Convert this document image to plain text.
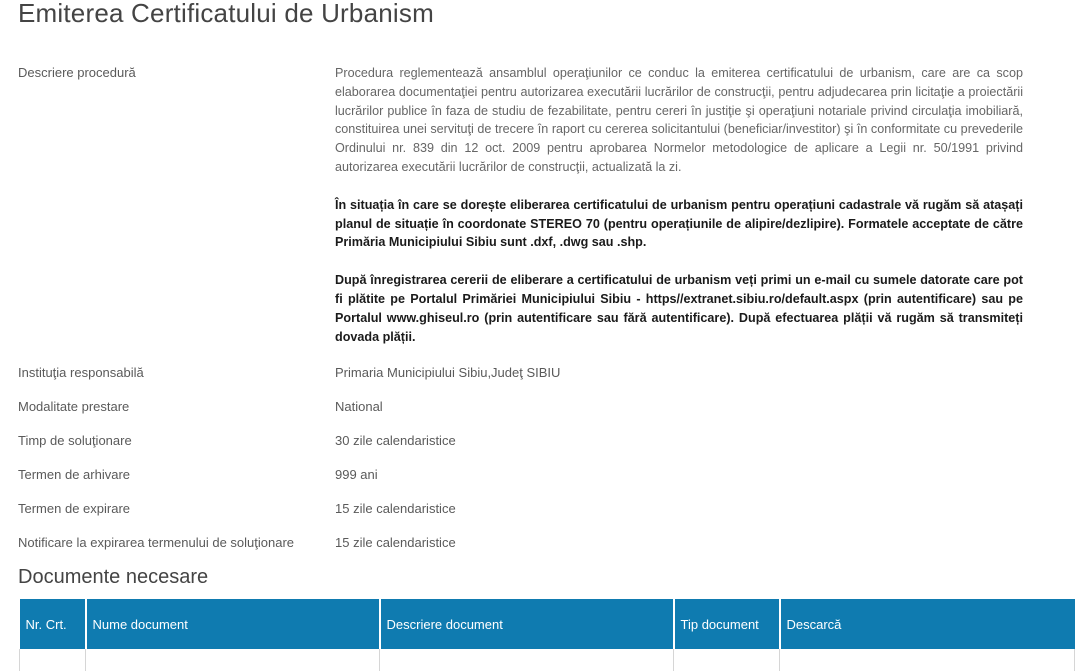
Emiterea Certificatului de Urbanism
Descriere procedură	Procedura reglementează ansamblul operaţiunilor ce conduc la emiterea certificatului de urbanism, care are ca scop elaborarea documentaţiei pentru autorizarea executării lucrărilor de construcţii, pentru adjudecarea prin licitaţie a proiectării lucrărilor publice în faza de studiu de fezabilitate, pentru cereri în justiţie şi operaţiuni notariale privind circulaţia imobiliară, constituirea unei servituţi de trecere în raport cu cererea solicitantului (beneficiar/investitor) şi în conformitate cu prevederile Ordinului nr. 839 din 12 oct. 2009 pentru aprobarea Normelor metodologice de aplicare a Legii nr. 50/1991 privind autorizarea executării lucrărilor de construcţii, actualizată la zi.

În situația în care se dorește eliberarea certificatului de urbanism pentru operațiuni cadastrale vă rugăm să atașați planul de situație în coordonate STEREO 70 (pentru operațiunile de alipire/dezlipire). Formatele acceptate de către Primăria Municipiului Sibiu sunt .dxf, .dwg sau .shp.

După înregistrarea cererii de eliberare a certificatului de urbanism veți primi un e-mail cu sumele datorate care pot fi plătite pe Portalul Primăriei Municipiului Sibiu - https//extranet.sibiu.ro/default.aspx (prin autentificare) sau pe Portalul www.ghiseul.ro (prin autentificare sau fără autentificare). După efectuarea plății vă rugăm să transmiteți dovada plății.

Instituţia responsabilă	Primaria Municipiului Sibiu,Judeţ SIBIU
Modalitate prestare	National
Timp de soluţionare	30 zile calendaristice
Termen de arhivare	999 ani
Termen de expirare	15 zile calendaristice
Notificare la expirarea termenului de soluţionare	15 zile calendaristice
Documente necesare
Nr. Crt.	Nume document	Descriere document	Tip document	Descarcă
